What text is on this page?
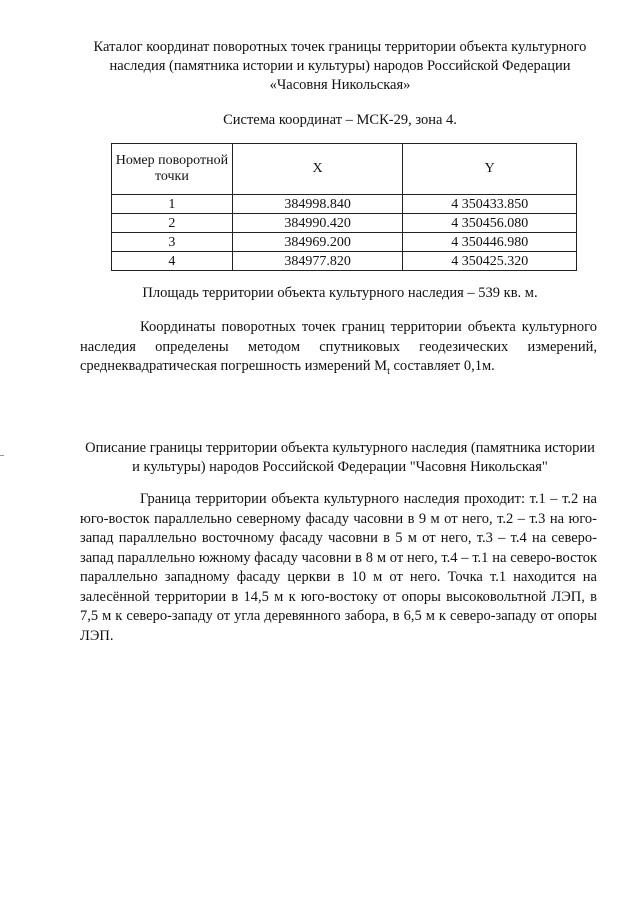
Каталог координат поворотных точек границы территории объекта культурного наследия (памятника истории и культуры) народов Российской Федерации «Часовня Никольская»
Система координат – МСК-29, зона 4.
Номер поворотной точки	X	Y
1	384998.840	4 350433.850
2	384990.420	4 350456.080
3	384969.200	4 350446.980
4	384977.820	4 350425.320
Площадь территории объекта культурного наследия – 539 кв. м.
Координаты поворотных точек границ территории объекта культурного наследия определены методом спутниковых геодезических измерений, среднеквадратическая погрешность измерений $M_t$ составляет 0,1м.
Описание границы территории объекта культурного наследия (памятника истории и культуры) народов Российской Федерации "Часовня Никольская"
Граница территории объекта культурного наследия проходит: т.1 – т.2 на юго-восток параллельно северному фасаду часовни в 9 м от него, т.2 – т.3 на юго-запад параллельно восточному фасаду часовни в 5 м от него, т.3 – т.4 на северо-запад параллельно южному фасаду часовни в 8 м от него, т.4 – т.1 на северо-восток параллельно западному фасаду церкви в 10 м от него. Точка т.1 находится на залесённой территории в 14,5 м к юго-востоку от опоры высоковольтной ЛЭП, в 7,5 м к северо-западу от угла деревянного забора, в 6,5 м к северо-западу от опоры ЛЭП.
